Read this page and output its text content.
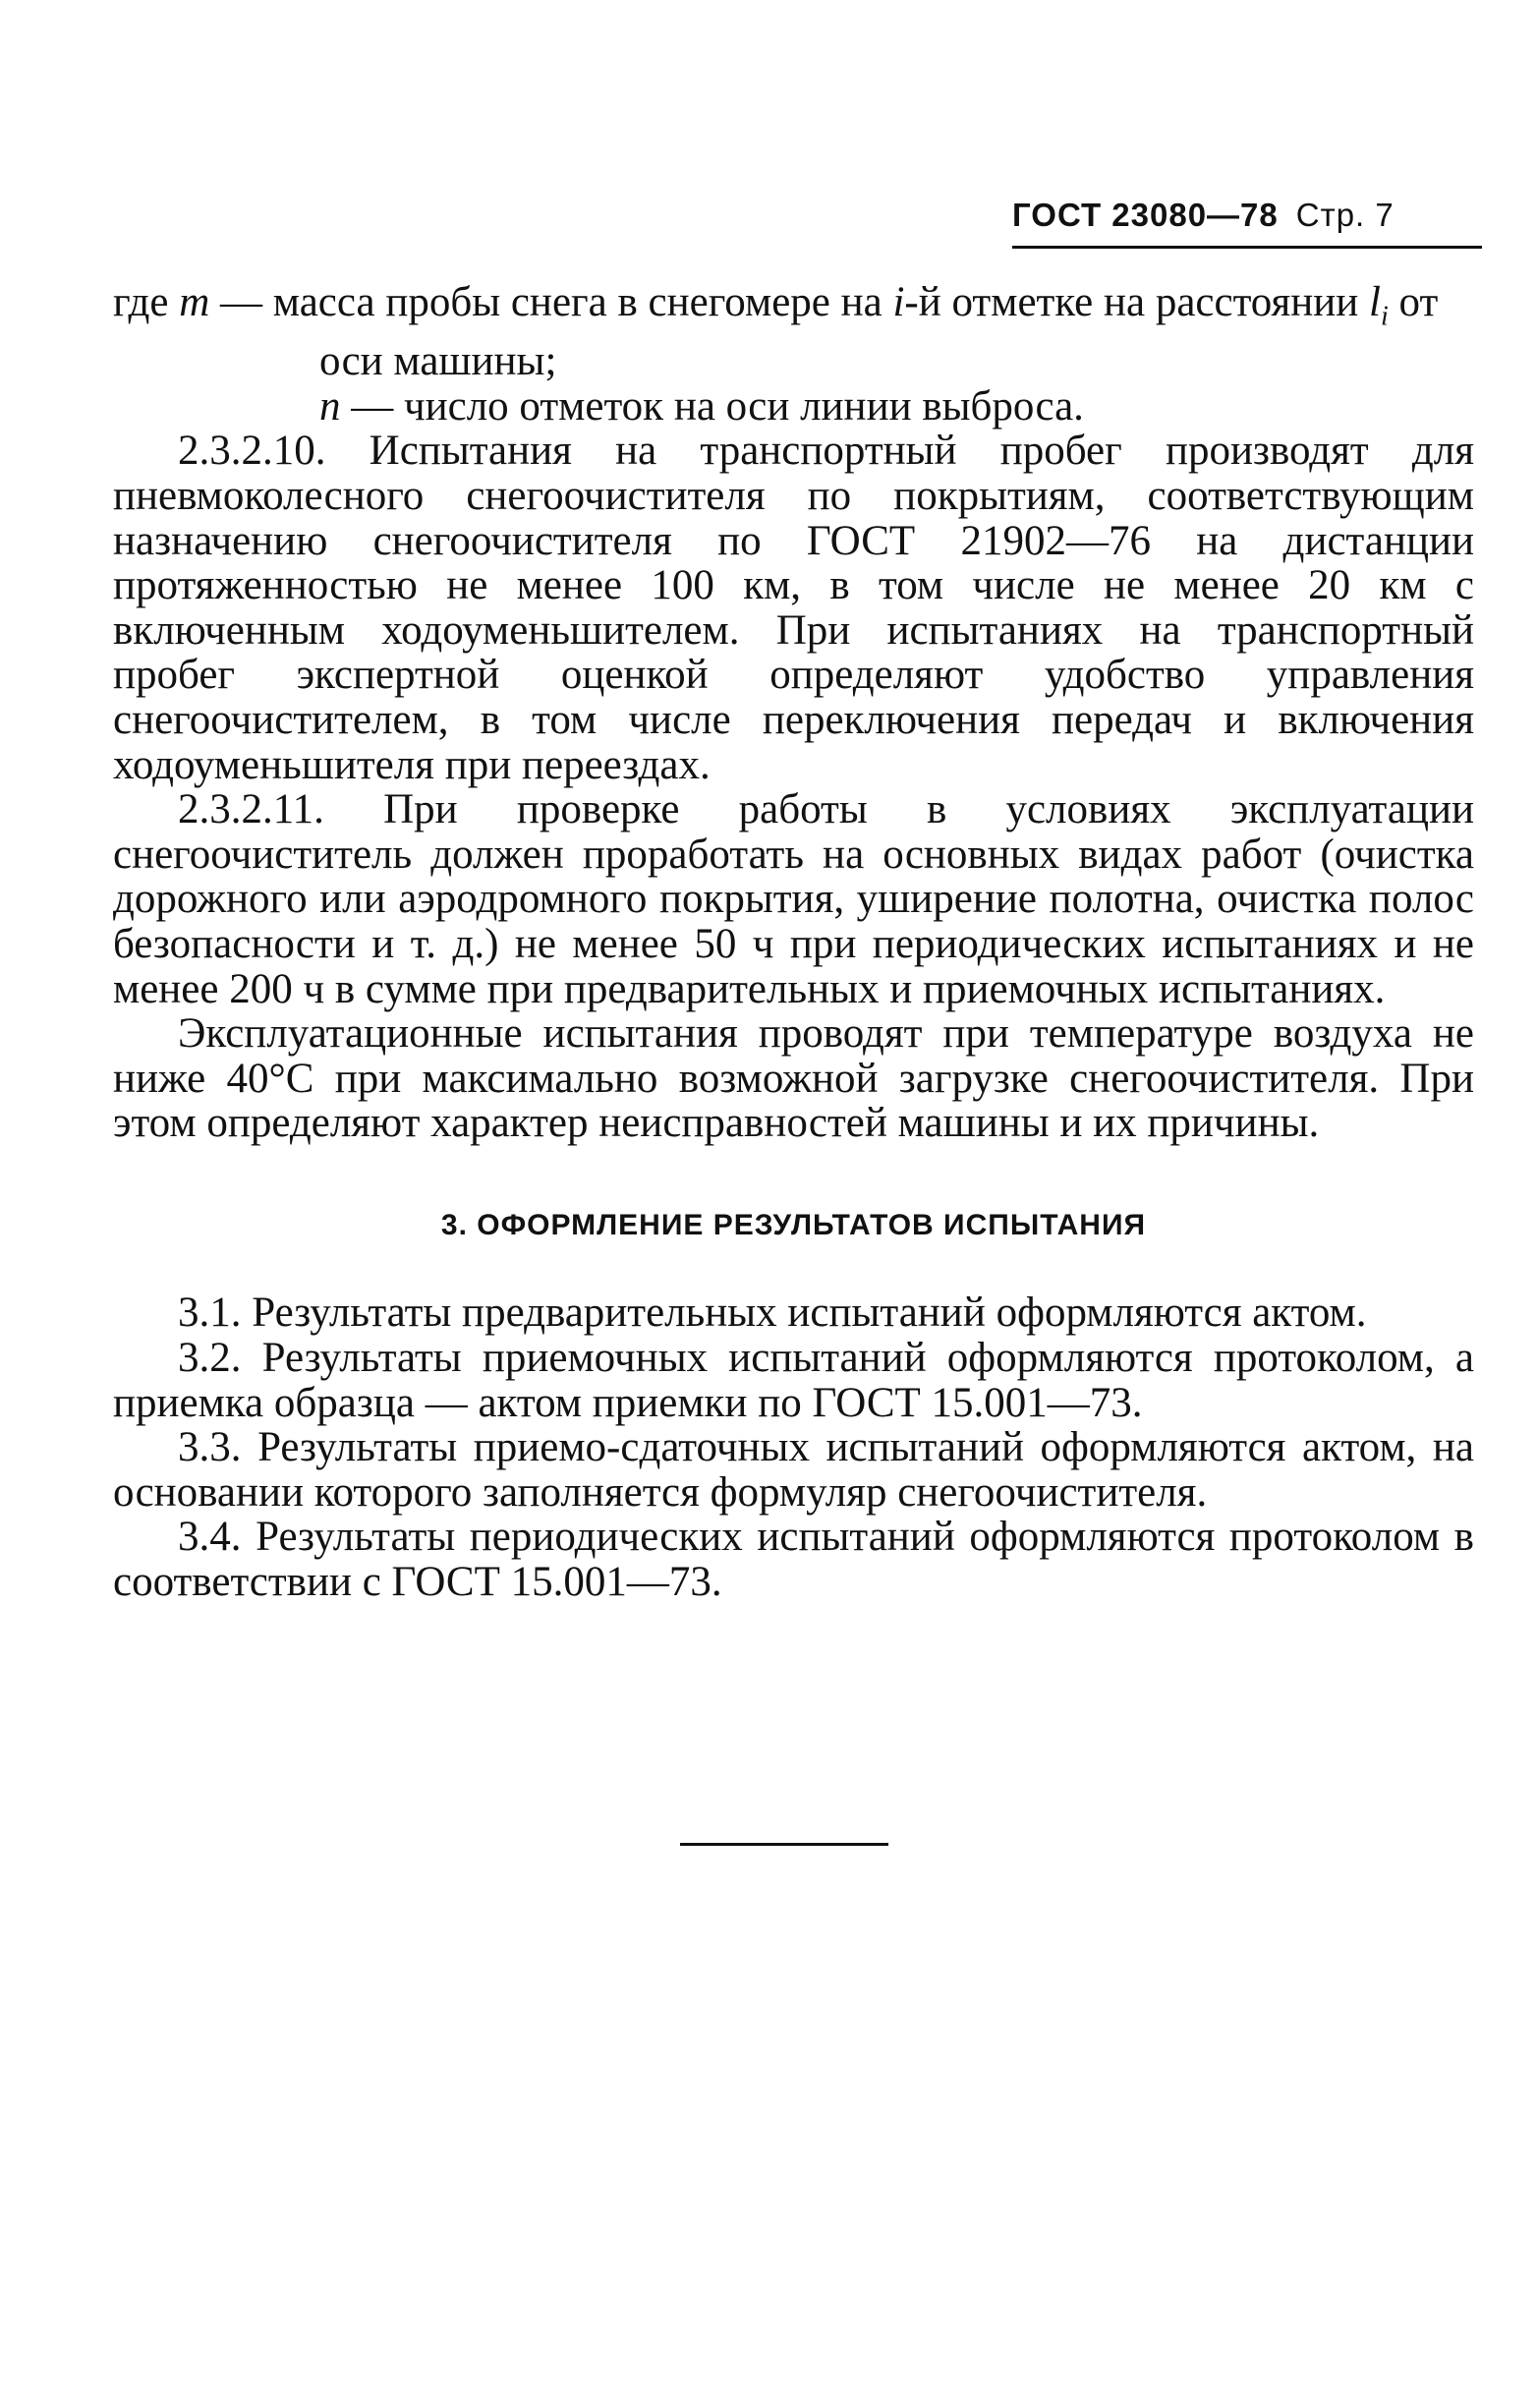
ГОСТ 23080—78 Стр. 7

где m — масса пробы снега в снегомере на i-й отметке на расстоянии $l_i$ от оси машины;

n — число отметок на оси линии выброса.

2.3.2.10. Испытания на транспортный пробег производят для пневмоколесного снегоочистителя по покрытиям, соответствующим назначению снегоочистителя по ГОСТ 21902—76 на дистанции протяженностью не менее 100 км, в том числе не менее 20 км с включенным ходоуменьшителем. При испытаниях на транспортный пробег экспертной оценкой определяют удобство управления снегоочистителем, в том числе переключения передач и включения ходоуменьшителя при переездах.

2.3.2.11. При проверке работы в условиях эксплуатации снегоочиститель должен проработать на основных видах работ (очистка дорожного или аэродромного покрытия, уширение полотна, очистка полос безопасности и т. д.) не менее 50 ч при периодических испытаниях и не менее 200 ч в сумме при предварительных и приемочных испытаниях.

Эксплуатационные испытания проводят при температуре воздуха не ниже 40°С при максимально возможной загрузке снегоочистителя. При этом определяют характер неисправностей машины и их причины.

3. ОФОРМЛЕНИЕ РЕЗУЛЬТАТОВ ИСПЫТАНИЯ

3.1. Результаты предварительных испытаний оформляются актом.

3.2. Результаты приемочных испытаний оформляются протоколом, а приемка образца — актом приемки по ГОСТ 15.001—73.

3.3. Результаты приемо-сдаточных испытаний оформляются актом, на основании которого заполняется формуляр снегоочистителя.

3.4. Результаты периодических испытаний оформляются протоколом в соответствии с ГОСТ 15.001—73.
